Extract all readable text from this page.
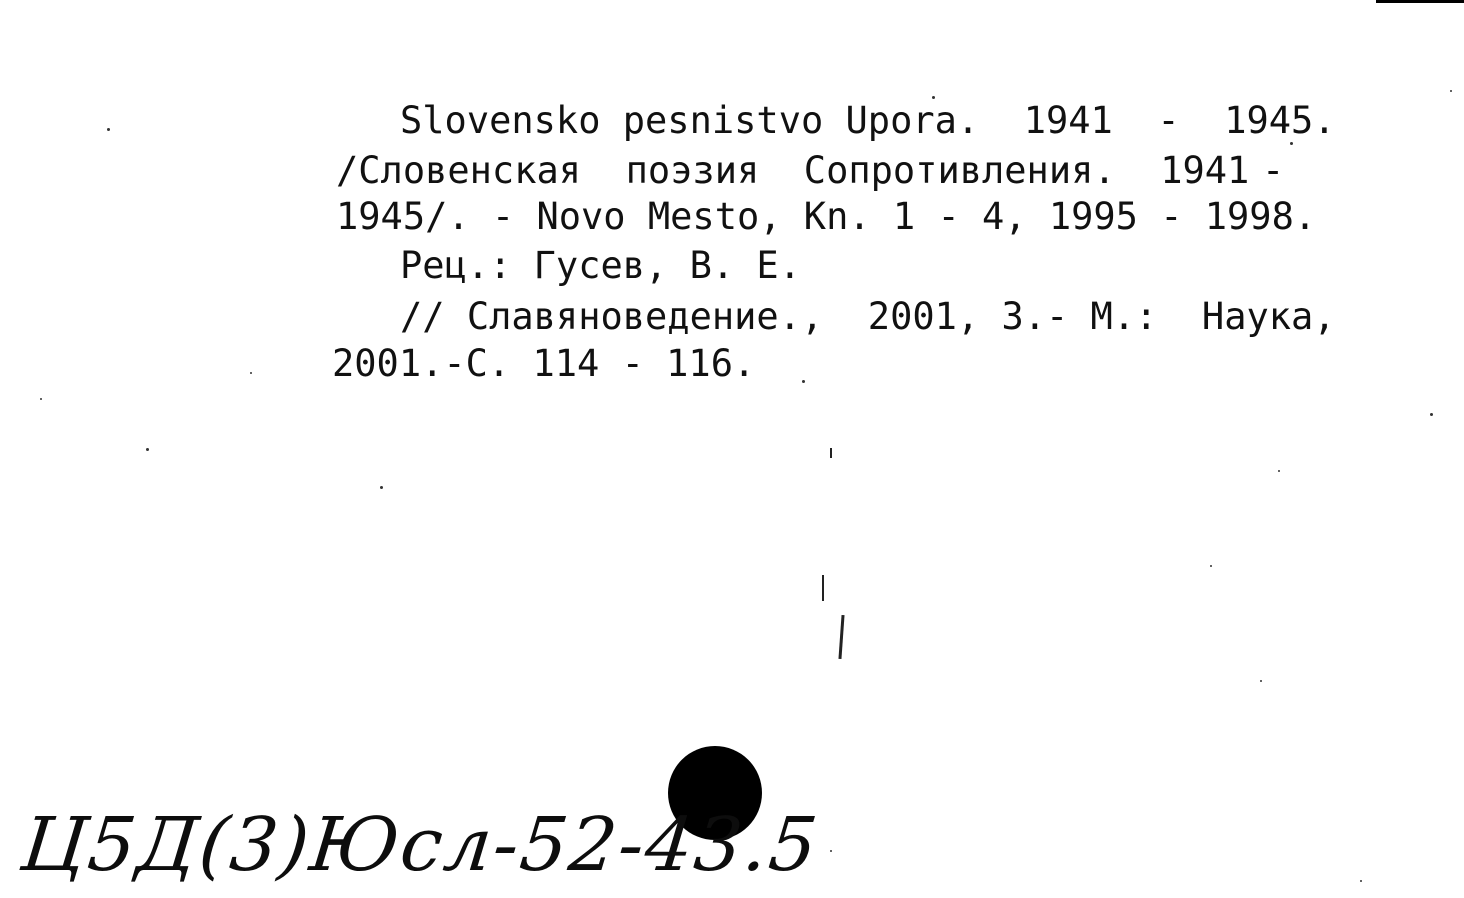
Slovensko pesnistvo Upora.  1941  -  1945.
/Словенская  поэзия  Сопротивления.  1941 -
1945/. - Novo Mesto, Kn. 1 - 4, 1995 - 1998.
Рец.: Гусев, В. Е.
// Славяноведение.,  2001, 3.- М.:  Наука,
2001.-С. 114 - 116.
Ц5Д(3)Юсл-52-43.5
